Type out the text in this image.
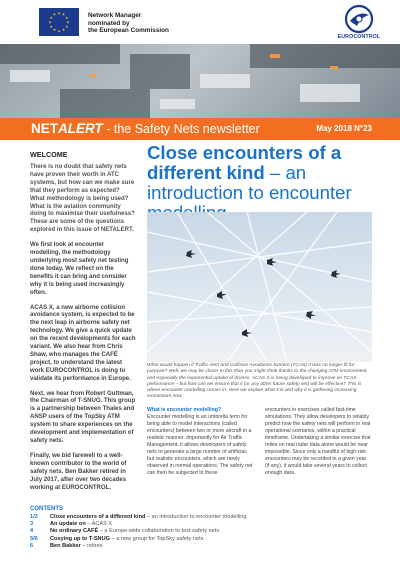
★ ★
★
★
★
★
★
★
★
★
★
★	Network Manager
nominated by
the European Commission
EUROCONTROL
NETALERT - the Safety Nets newsletter	May 2018 N°23
WELCOME

There is no doubt that safety nets have proven their worth in ATC systems, but how can we make sure that they perform as expected? What methodology is being used? What is the aviation community doing to maximise their usefulness? These are some of the questions explored in this issue of NETALERT.

We first look at encounter modelling, the methodology underlying most safety net testing done today. We reflect on the benefits it can bring and consider why it is being used increasingly often.

ACAS X, a new airborne collision avoidance system, is expected to be the next leap in airborne safety net technology. We give a quick update on the recent developments for each variant. We also hear from Chris Shaw, who manages the CAFÉ project, to understand the latest work EUROCONTROL is doing to validate its performance in Europe.

Next, we hear from Robert Guttman, the Chairman of T-SNUG. This group is a partnership between Thales and ANSP users of the TopSky ATM system to share experiences on the development and implementation of safety nets.

Finally, we bid farewell to a well-known contributor to the world of safety nets. Ben Bakker retired in July 2017, after over two decades working at EUROCONTROL.

Close encounters of a different kind – an introduction to encounter
What would happen if Traffic Alert and Collision Avoidance System (TCAS) II was no longer fit for purpose? Well, we may be closer to this than you might think thanks to the changing ATM environment, and especially the exponential uptake of drones. ACAS X is being developed to improve on TCAS performance – but how can we ensure that it (or any other future safety net) will be effective? This is where encounter modelling comes in. Here we explain what it is and why it is gathering increasing momentum now.
What is encounter modelling?
Encounter modelling is an umbrella term for being able to model interactions (called encounters) between two or more aircraft in a realistic manner. Importantly for Air Traffic Management, it allows developers of safety nets to generate a large number of artificial, but realistic encounters, which are rarely observed in normal operations. The safety net can then be subjected to these
encounters in exercises called fast-time simulations. They allow developers to reliably predict how the safety nets will perform in real operational scenarios, within a practical timeframe. Undertaking a similar exercise that relies on real radar data alone would be near impossible. Since only a handful of high-risk encounters may be recorded in a given year (if any), it would take several years to collect enough data.
CONTENTS
1/2 Close encounters of a different kind – an introduction to encounter modelling
3	An update on – ACAS X
4	No ordinary CAFÉ – a Europe-wide collaboration to test safety nets
5/6 Cosying up to T-SNUG – a new group for TopSky safety nets
6	Ben Bakker – retires
